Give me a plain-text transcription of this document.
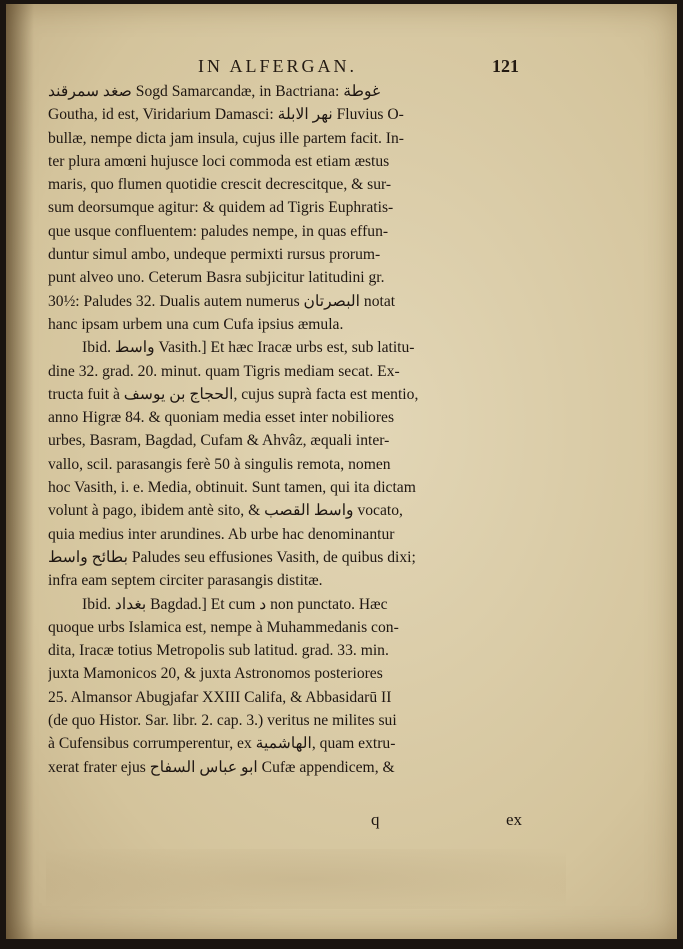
IN ALFERGAN.	121
صغد سمرقند Sogd Samarcandæ, in Bactriana: غوطة
Goutha, id est, Viridarium Damasci: نهر الابلة Fluvius O-
bullæ, nempe dicta jam insula, cujus ille partem facit. In-
ter plura amœni hujusce loci commoda est etiam æstus
maris, quo flumen quotidie crescit decrescitque, & sur-
sum deorsumque agitur: & quidem ad Tigris Euphratis-
que usque confluentem: paludes nempe, in quas effun-
duntur simul ambo, undeque permixti rursus prorum-
punt alveo uno. Ceterum Basra subjicitur latitudini gr.
30½: Paludes 32. Dualis autem numerus البصرتان notat
hanc ipsam urbem una cum Cufa ipsius æmula.
Ibid. واسط Vasith.] Et hæc Iracæ urbs est, sub latitu-
dine 32. grad. 20. minut. quam Tigris mediam secat. Ex-
tructa fuit à الحجاج بن يوسف, cujus suprà facta est mentio,
anno Higræ 84. & quoniam media esset inter nobiliores
urbes, Basram, Bagdad, Cufam & Ahvâz, æquali inter-
vallo, scil. parasangis ferè 50 à singulis remota, nomen
hoc Vasith, i. e. Media, obtinuit. Sunt tamen, qui ita dictam
volunt à pago, ibidem antè sito, & واسط القصب vocato,
quia medius inter arundines. Ab urbe hac denominantur
بطائح واسط Paludes seu effusiones Vasith, de quibus dixi;
infra eam septem circiter parasangis distitæ.
Ibid. بغداد Bagdad.] Et cum د non punctato. Hæc
quoque urbs Islamica est, nempe à Muhammedanis con-
dita, Iracæ totius Metropolis sub latitud. grad. 33. min.
juxta Mamonicos 20, & juxta Astronomos posteriores
25. Almansor Abugjafar XXIII Califa, & Abbasidarū II
(de quo Histor. Sar. libr. 2. cap. 3.) veritus ne milites sui
à Cufensibus corrumperentur, ex الهاشمية, quam extru-
xerat frater ejus ابو عباس السفاح Cufæ appendicem, &
q	ex
